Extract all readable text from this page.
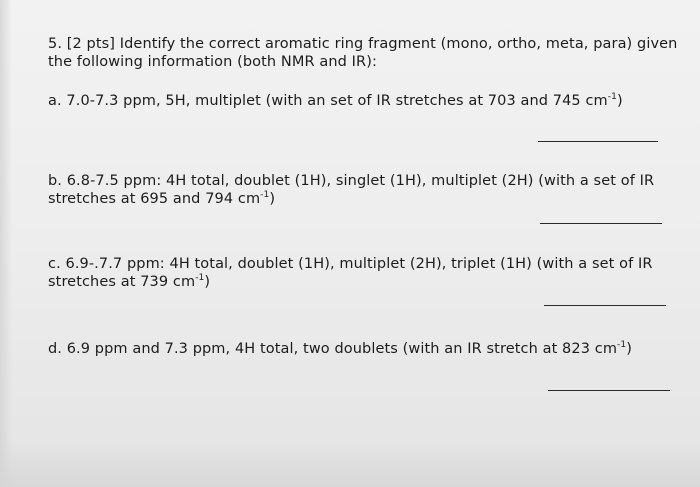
5. [2 pts] Identify the correct aromatic ring fragment (mono, ortho, meta, para) given

the following information (both NMR and IR):

a. 7.0-7.3 ppm, 5H, multiplet (with an set of IR stretches at 703 and 745 $cm^{-1}$)

b. 6.8-7.5 ppm: 4H total, doublet (1H), singlet (1H), multiplet (2H) (with a set of IR

stretches at 695 and 794 $cm^{-1}$)

c. 6.9-.7.7 ppm: 4H total, doublet (1H), multiplet (2H), triplet (1H) (with a set of IR

stretches at 739 $cm^{-1}$)

d. 6.9 ppm and 7.3 ppm, 4H total, two doublets (with an IR stretch at 823 $cm^{-1}$)
